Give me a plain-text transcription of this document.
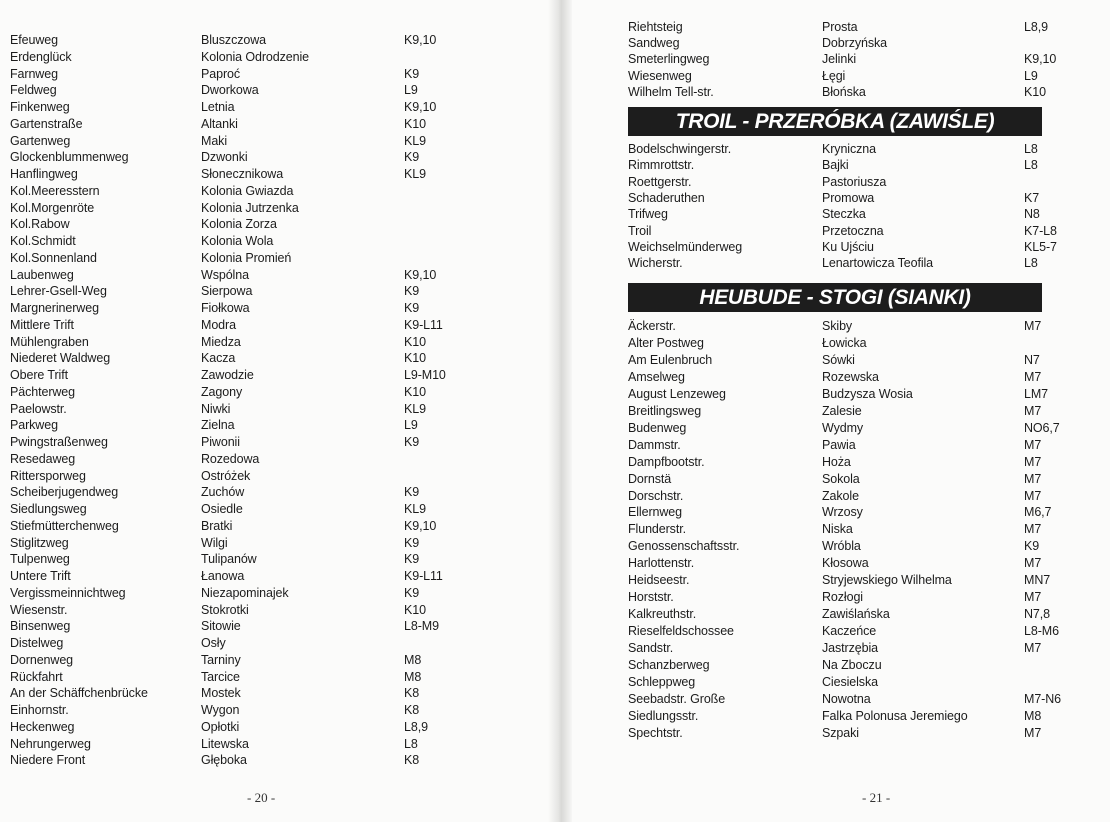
Efeuweg	Bluszczowa	K9,10
Erdenglück	Kolonia Odrodzenie
Farnweg	Paproć	K9
Feldweg	Dworkowa	L9
Finkenweg	Letnia	K9,10
Gartenstraße	Altanki	K10
Gartenweg	Maki	KL9
Glockenblummenweg	Dzwonki	K9
Hanflingweg	Słonecznikowa	KL9
Kol.Meeresstern	Kolonia Gwiazda
Kol.Morgenröte	Kolonia Jutrzenka
Kol.Rabow	Kolonia Zorza
Kol.Schmidt	Kolonia Wola
Kol.Sonnenland	Kolonia Promień
Laubenweg	Wspólna	K9,10
Lehrer-Gsell-Weg	Sierpowa	K9
Margnerinerweg	Fiołkowa	K9
Mittlere Trift	Modra	K9-L11
Mühlengraben	Miedza	K10
Niederet Waldweg	Kacza	K10
Obere Trift	Zawodzie	L9-M10
Pächterweg	Zagony	K10
Paelowstr.	Niwki	KL9
Parkweg	Zielna	L9
Pwingstraßenweg	Piwonii	K9
Resedaweg	Rozedowa
Rittersporweg	Ostróżek
Scheiberjugendweg	Zuchów	K9
Siedlungsweg	Osiedle	KL9
Stiefmütterchenweg	Bratki	K9,10
Stiglitzweg	Wilgi	K9
Tulpenweg	Tulipanów	K9
Untere Trift	Łanowa	K9-L11
Vergissmeinnichtweg	Niezapominajek	K9
Wiesenstr.	Stokrotki	K10
Binsenweg	Sitowie	L8-M9
Distelweg	Osły
Dornenweg	Tarniny	M8
Rückfahrt	Tarcice	M8
An der Schäffchenbrücke	Mostek	K8
Einhornstr.	Wygon	K8
Heckenweg	Opłotki	L8,9
Nehrungerweg	Litewska	L8
Niedere Front	Głęboka	K8
Riehtsteig	Prosta	L8,9
Sandweg	Dobrzyńska
Smeterlingweg	Jelinki	K9,10
Wiesenweg	Łęgi	L9
Wilhelm Tell-str.	Błońska	K10
TROIL - PRZERÓBKA (ZAWIŚLE)
Bodelschwingerstr.	Kryniczna	L8
Rimmrottstr.	Bajki	L8
Roettgerstr.	Pastoriusza
Schaderuthen	Promowa	K7
Trifweg	Steczka	N8
Troil	Przetoczna	K7-L8
Weichselmünderweg	Ku Ujściu	KL5-7
Wicherstr.	Lenartowicza Teofila	L8
HEUBUDE - STOGI (SIANKI)
Äckerstr.	Skiby	M7
Alter Postweg	Łowicka
Am Eulenbruch	Sówki	N7
Amselweg	Rozewska	M7
August Lenzeweg	Budzysza Wosia	LM7
Breitlingsweg	Zalesie	M7
Budenweg	Wydmy	NO6,7
Dammstr.	Pawia	M7
Dampfbootstr.	Hoża	M7
Dornstä	Sokola	M7
Dorschstr.	Zakole	M7
Ellernweg	Wrzosy	M6,7
Flunderstr.	Niska	M7
Genossenschaftsstr.	Wróbla	K9
Harlottenstr.	Kłosowa	M7
Heidseestr.	Stryjewskiego Wilhelma	MN7
Horststr.	Rozłogi	M7
Kalkreuthstr.	Zawiślańska	N7,8
Rieselfeldschossee	Kaczeńce	L8-M6
Sandstr.	Jastrzębia	M7
Schanzberweg	Na Zboczu
Schleppweg	Ciesielska
Seebadstr. Große	Nowotna	M7-N6
Siedlungsstr.	Falka Polonusa Jeremiego	M8
Spechtstr.	Szpaki	M7
- 20 -	- 21 -
